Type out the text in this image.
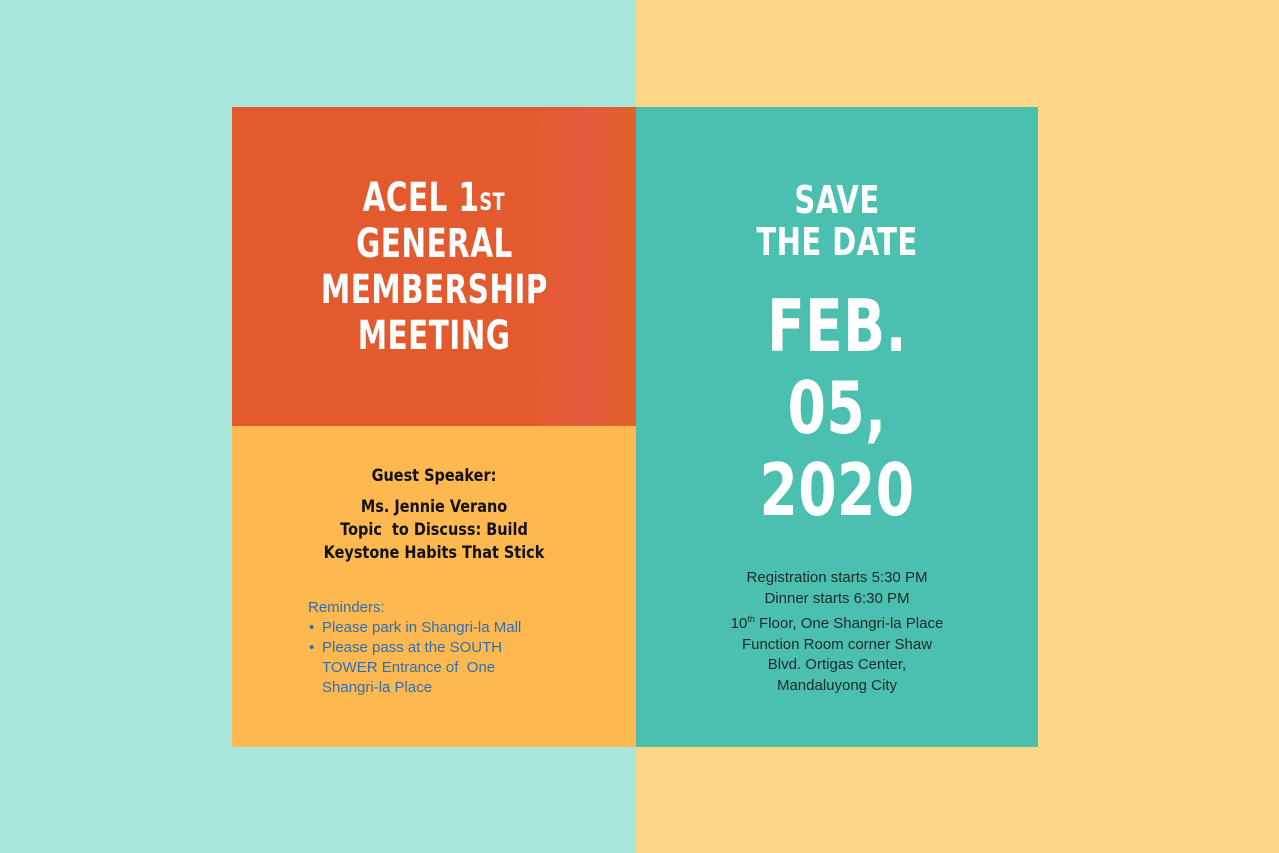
ACEL 1ST
GENERAL
MEMBERSHIP
MEETING
Guest Speaker:
Ms. Jennie Verano
Topic  to Discuss: Build
Keystone Habits That Stick
Reminders:
• Please park in Shangri-la Mall
• Please pass at the SOUTH
TOWER Entrance of  One
Shangri-la Place
SAVE
THE DATE
FEB.
05,
2020
Registration starts 5:30 PM
Dinner starts 6:30 PM
10th Floor, One Shangri-la Place
Function Room corner Shaw
Blvd. Ortigas Center,
Mandaluyong City
